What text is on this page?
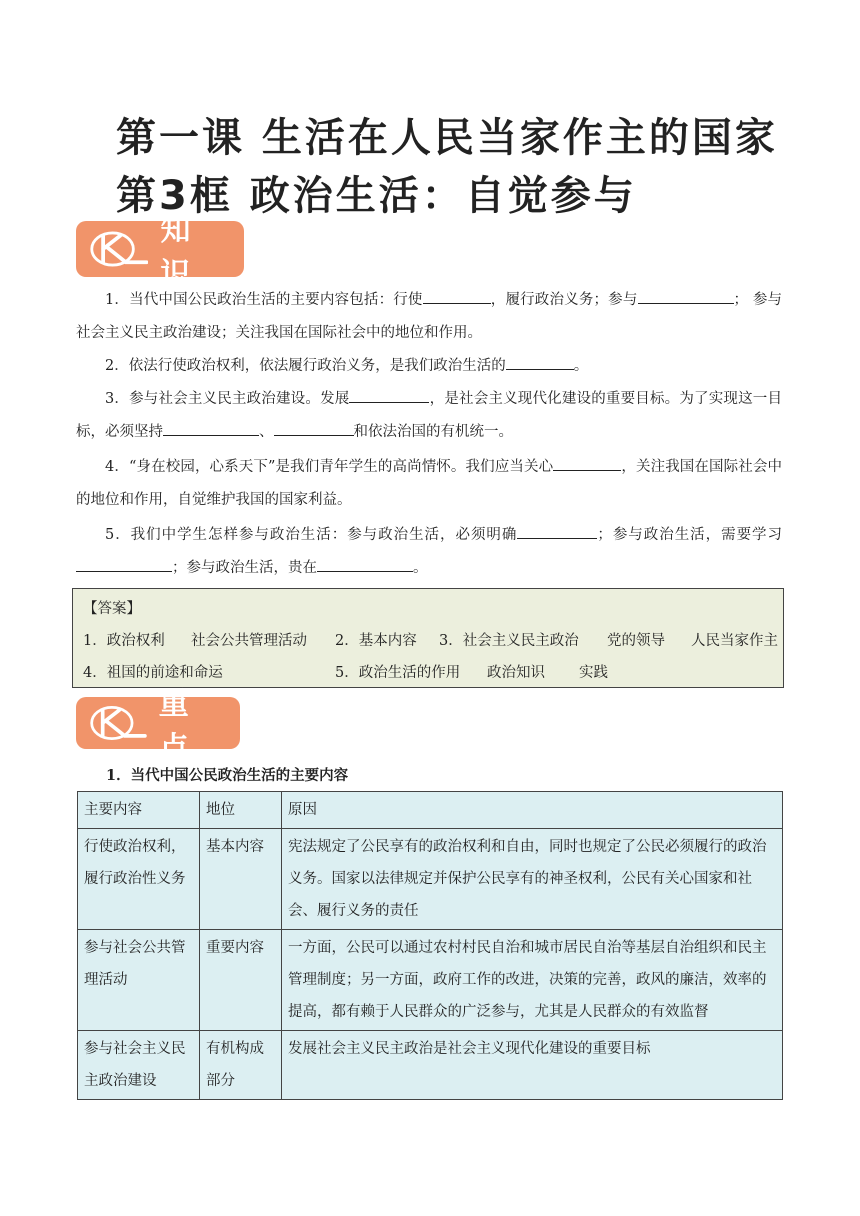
第一课 生活在人民当家作主的国家
第3框 政治生活：自觉参与
知 识
1．当代中国公民政治生活的主要内容包括：行使	，履行政治义务；参与	； 参与社会主义民主政治建设；关注我国在国际社会中的地位和作用。
2．依法行使政治权利，依法履行政治义务，是我们政治生活的	。
3．参与社会主义民主政治建设。发展	，是社会主义现代化建设的重要目标。为了实现这一目标，必须坚持	、	和依法治国的有机统一。
4．“身在校园，心系天下”是我们青年学生的高尚情怀。我们应当关心	，关注我国在国际社会中的地位和作用，自觉维护我国的国家利益。
5．我们中学生怎样参与政治生活：参与政治生活，必须明确	；参与政治生活，需要学习；参与政治生活，贵在	。
【答案】
1．政治权利 社会公共管理活动 2．基本内容 3．社会主义民主政治 党的领导 人民当家作主
4．祖国的前途和命运	5．政治生活的作用 政治知识 实践
重 点
1．当代中国公民政治生活的主要内容
主要内容	地位	原因
行使政治权利，履行政治性义务	基本内容	宪法规定了公民享有的政治权利和自由，同时也规定了公民必须履行的政治义务。国家以法律规定并保护公民享有的神圣权利，公民有关心国家和社会、履行义务的责任
参与社会公共管理活动	重要内容	一方面，公民可以通过农村村民自治和城市居民自治等基层自治组织和民主管理制度；另一方面，政府工作的改进，决策的完善，政风的廉洁，效率的提高，都有赖于人民群众的广泛参与，尤其是人民群众的有效监督
参与社会主义民主政治建设	有机构成部分	发展社会主义民主政治是社会主义现代化建设的重要目标
